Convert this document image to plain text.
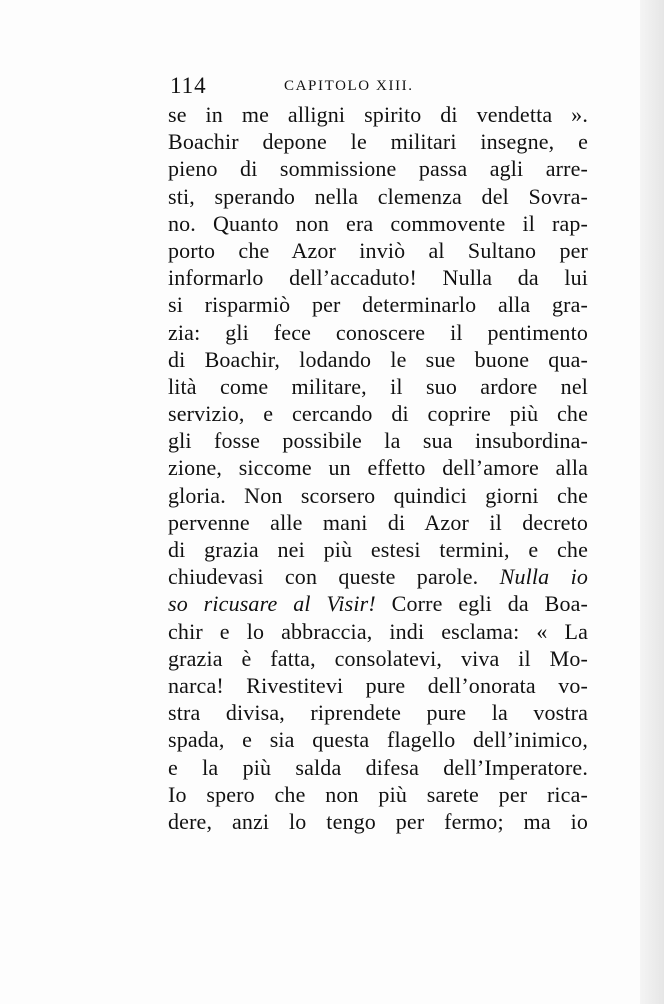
114	CAPITOLO XIII.
se in me alligni spirito di vendetta ».
Boachir depone le militari insegne, e
pieno di sommissione passa agli arre-
sti, sperando nella clemenza del Sovra-
no. Quanto non era commovente il rap-
porto che Azor inviò al Sultano per
informarlo dell’accaduto! Nulla da lui
si risparmiò per determinarlo alla gra-
zia: gli fece conoscere il pentimento
di Boachir, lodando le sue buone qua-
lità come militare, il suo ardore nel
servizio, e cercando di coprire più che
gli fosse possibile la sua insubordina-
zione, siccome un effetto dell’amore alla
gloria. Non scorsero quindici giorni che
pervenne alle mani di Azor il decreto
di grazia nei più estesi termini, e che
chiudevasi con queste parole. Nulla io
so ricusare al Visir! Corre egli da Boa-
chir e lo abbraccia, indi esclama: « La
grazia è fatta, consolatevi, viva il Mo-
narca! Rivestitevi pure dell’onorata vo-
stra divisa, riprendete pure la vostra
spada, e sia questa flagello dell’inimico,
e la più salda difesa dell’Imperatore.
Io spero che non più sarete per rica-
dere, anzi lo tengo per fermo; ma io
